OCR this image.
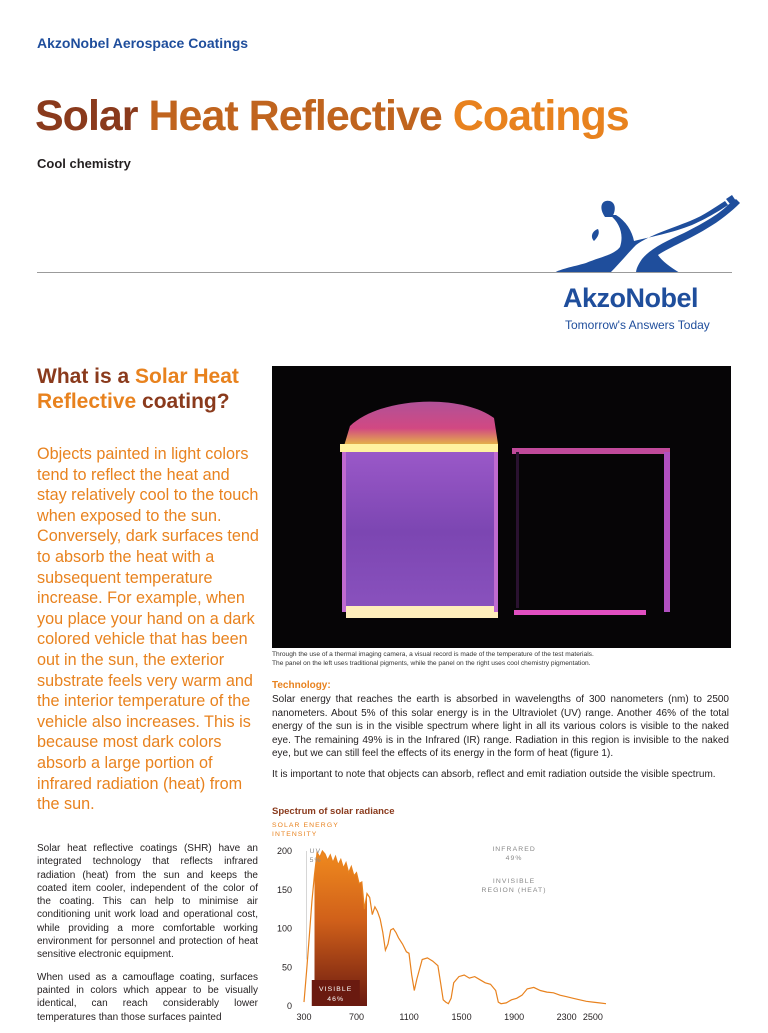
AkzoNobel Aerospace Coatings
Solar Heat Reflective Coatings
Cool chemistry
AkzoNobel
Tomorrow's Answers Today
What is a Solar Heat Reflective coating?
Objects painted in light colors tend to reflect the heat and stay relatively cool to the touch when exposed to the sun. Conversely, dark surfaces tend to absorb the heat with a subsequent temperature increase. For example, when you place your hand on a dark colored vehicle that has been out in the sun, the exterior substrate feels very warm and the interior temperature of the vehicle also increases. This is because most dark colors absorb a large portion of infrared radiation (heat) from the sun.

Solar heat reflective coatings (SHR) have an integrated technology that reflects infrared radiation (heat) from the sun and keeps the coated item cooler, independent of the color of the coating. This can help to minimise air conditioning unit work load and operational cost, while providing a more comfortable working environment for personnel and protection of heat sensitive electronic equipment.

When used as a camouflage coating, surfaces painted in colors which appear to be visually identical, can reach considerably lower temperatures than those surfaces painted

Through the use of a thermal imaging camera, a visual record is made of the temperature of the test materials.
The panel on the left uses traditional pigments, while the panel on the right uses cool chemistry pigmentation.
Technology:

Solar energy that reaches the earth is absorbed in wavelengths of 300 nanometers (nm) to 2500 nanometers. About 5% of this solar energy is in the Ultraviolet (UV) range. Another 46% of the total energy of the sun is in the visible spectrum where light in all its various colors is visible to the naked eye. The remaining 49% is in the Infrared (IR) range. Radiation in this region is invisible to the naked eye, but we can still feel the effects of its energy in the form of heat (figure 1).

It is important to note that objects can absorb, reflect and emit radiation outside the visible spectrum.

Spectrum of solar radiance
SOLAR ENERGY
INTENSITY
200
150
100
50
0
300	700	1100	1500	1900	2300 2500
UV
5%
VISIBLE
46%
INFRARED
49%
INVISIBLE
REGION (HEAT)
